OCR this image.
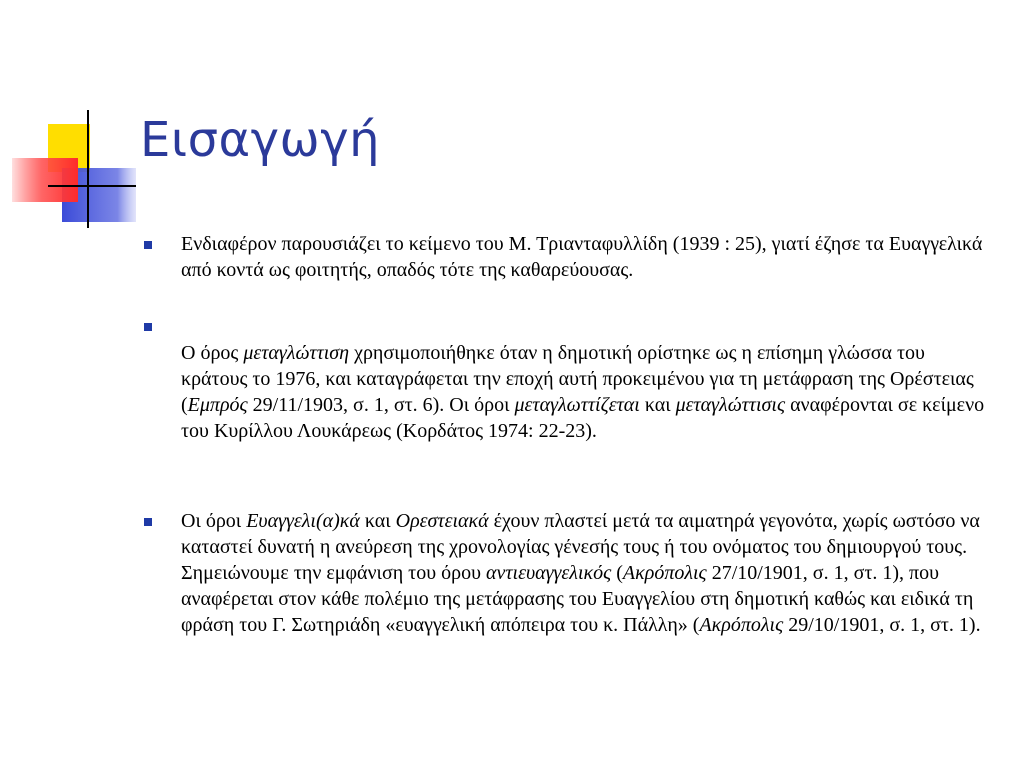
Εισαγωγή

Ενδιαφέρον παρουσιάζει το κείμενο του Μ. Τριανταφυλλίδη (1939 : 25), γιατί έζησε τα Ευαγγελικά από κοντά ως φοιτητής, οπαδός τότε της καθαρεύουσας.

Ο όρος μεταγλώττιση χρησιμοποιήθηκε όταν η δημοτική ορίστηκε ως η επίσημη γλώσσα του κράτους το 1976, και καταγράφεται την εποχή αυτή προκειμένου για τη μετάφραση της Ορέστειας (Εμπρός 29/11/1903, σ. 1, στ. 6). Οι όροι μεταγλωττίζεται και μεταγλώττισις αναφέρονται σε κείμενο του Κυρίλλου Λουκάρεως (Κορδάτος 1974: 22-23).

Οι όροι Ευαγγελι(α)κά και Ορεστειακά έχουν πλαστεί μετά τα αιματηρά γεγονότα, χωρίς ωστόσο να καταστεί δυνατή η ανεύρεση της χρονολογίας γένεσής τους ή του ονόματος του δημιουργού τους. Σημειώνουμε την εμφάνιση του όρου αντιευαγγελικός (Ακρόπολις 27/10/1901, σ. 1, στ. 1), που αναφέρεται στον κάθε πολέμιο της μετάφρασης του Ευαγγελίου στη δημοτική καθώς και ειδικά τη φράση του Γ. Σωτηριάδη «ευαγγελική απόπειρα του κ. Πάλλη» (Ακρόπολις 29/10/1901, σ. 1, στ. 1).
